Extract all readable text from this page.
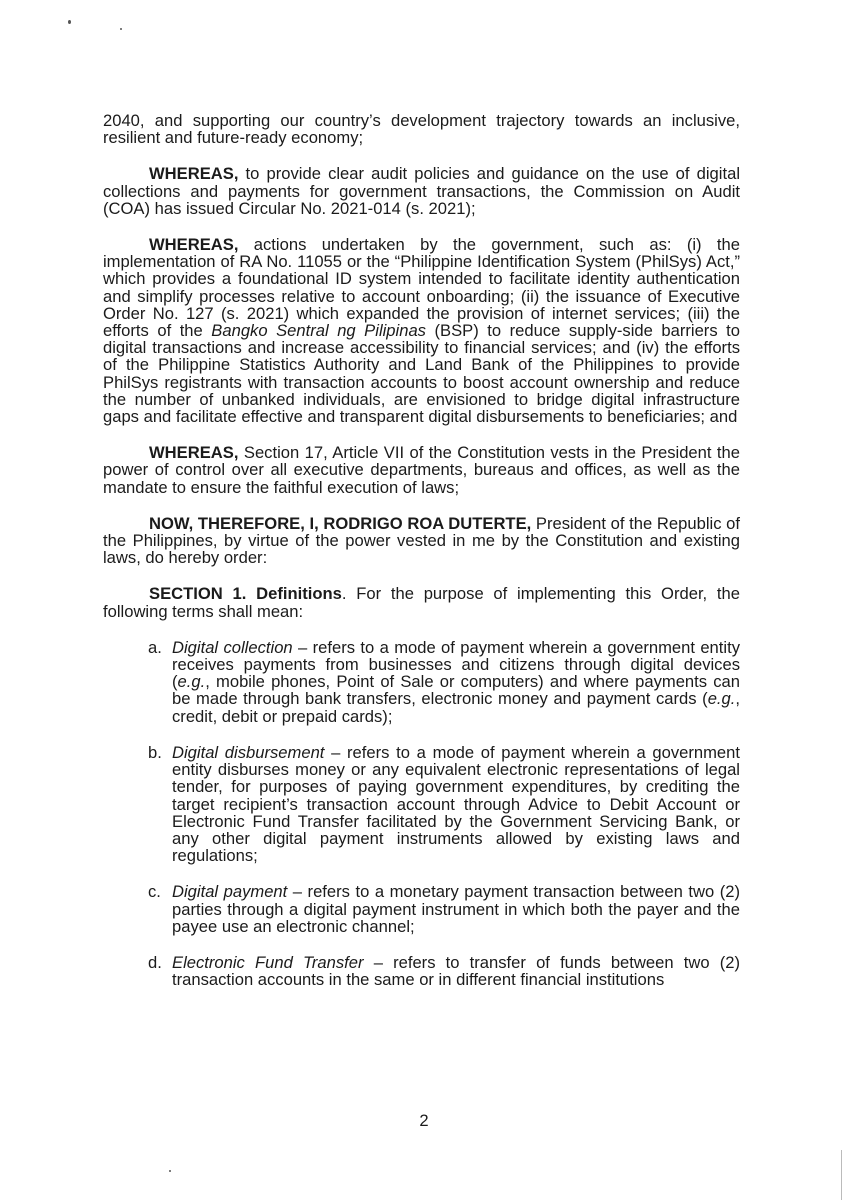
2040, and supporting our country’s development trajectory towards an inclusive, resilient and future-ready economy;

WHEREAS, to provide clear audit policies and guidance on the use of digital collections and payments for government transactions, the Commission on Audit (COA) has issued Circular No. 2021-014 (s. 2021);

WHEREAS, actions undertaken by the government, such as: (i) the implementation of RA No. 11055 or the “Philippine Identification System (PhilSys) Act,” which provides a foundational ID system intended to facilitate identity authentication and simplify processes relative to account onboarding; (ii) the issuance of Executive Order No. 127 (s. 2021) which expanded the provision of internet services; (iii) the efforts of the Bangko Sentral ng Pilipinas (BSP) to reduce supply-side barriers to digital transactions and increase accessibility to financial services; and (iv) the efforts of the Philippine Statistics Authority and Land Bank of the Philippines to provide PhilSys registrants with transaction accounts to boost account ownership and reduce the number of unbanked individuals, are envisioned to bridge digital infrastructure gaps and facilitate effective and transparent digital disbursements to beneficiaries; and

WHEREAS, Section 17, Article VII of the Constitution vests in the President the power of control over all executive departments, bureaus and offices, as well as the mandate to ensure the faithful execution of laws;

NOW, THEREFORE, I, RODRIGO ROA DUTERTE, President of the Republic of the Philippines, by virtue of the power vested in me by the Constitution and existing laws, do hereby order:

SECTION 1. Definitions. For the purpose of implementing this Order, the following terms shall mean:

a. Digital collection – refers to a mode of payment wherein a government entity receives payments from businesses and citizens through digital devices (e.g., mobile phones, Point of Sale or computers) and where payments can be made through bank transfers, electronic money and payment cards (e.g., credit, debit or prepaid cards);
b. Digital disbursement – refers to a mode of payment wherein a government entity disburses money or any equivalent electronic representations of legal tender, for purposes of paying government expenditures, by crediting the target recipient’s transaction account through Advice to Debit Account or Electronic Fund Transfer facilitated by the Government Servicing Bank, or any other digital payment instruments allowed by existing laws and regulations;
c. Digital payment – refers to a monetary payment transaction between two (2) parties through a digital payment instrument in which both the payer and the payee use an electronic channel;
d. Electronic Fund Transfer – refers to transfer of funds between two (2) transaction accounts in the same or in different financial institutions
2
